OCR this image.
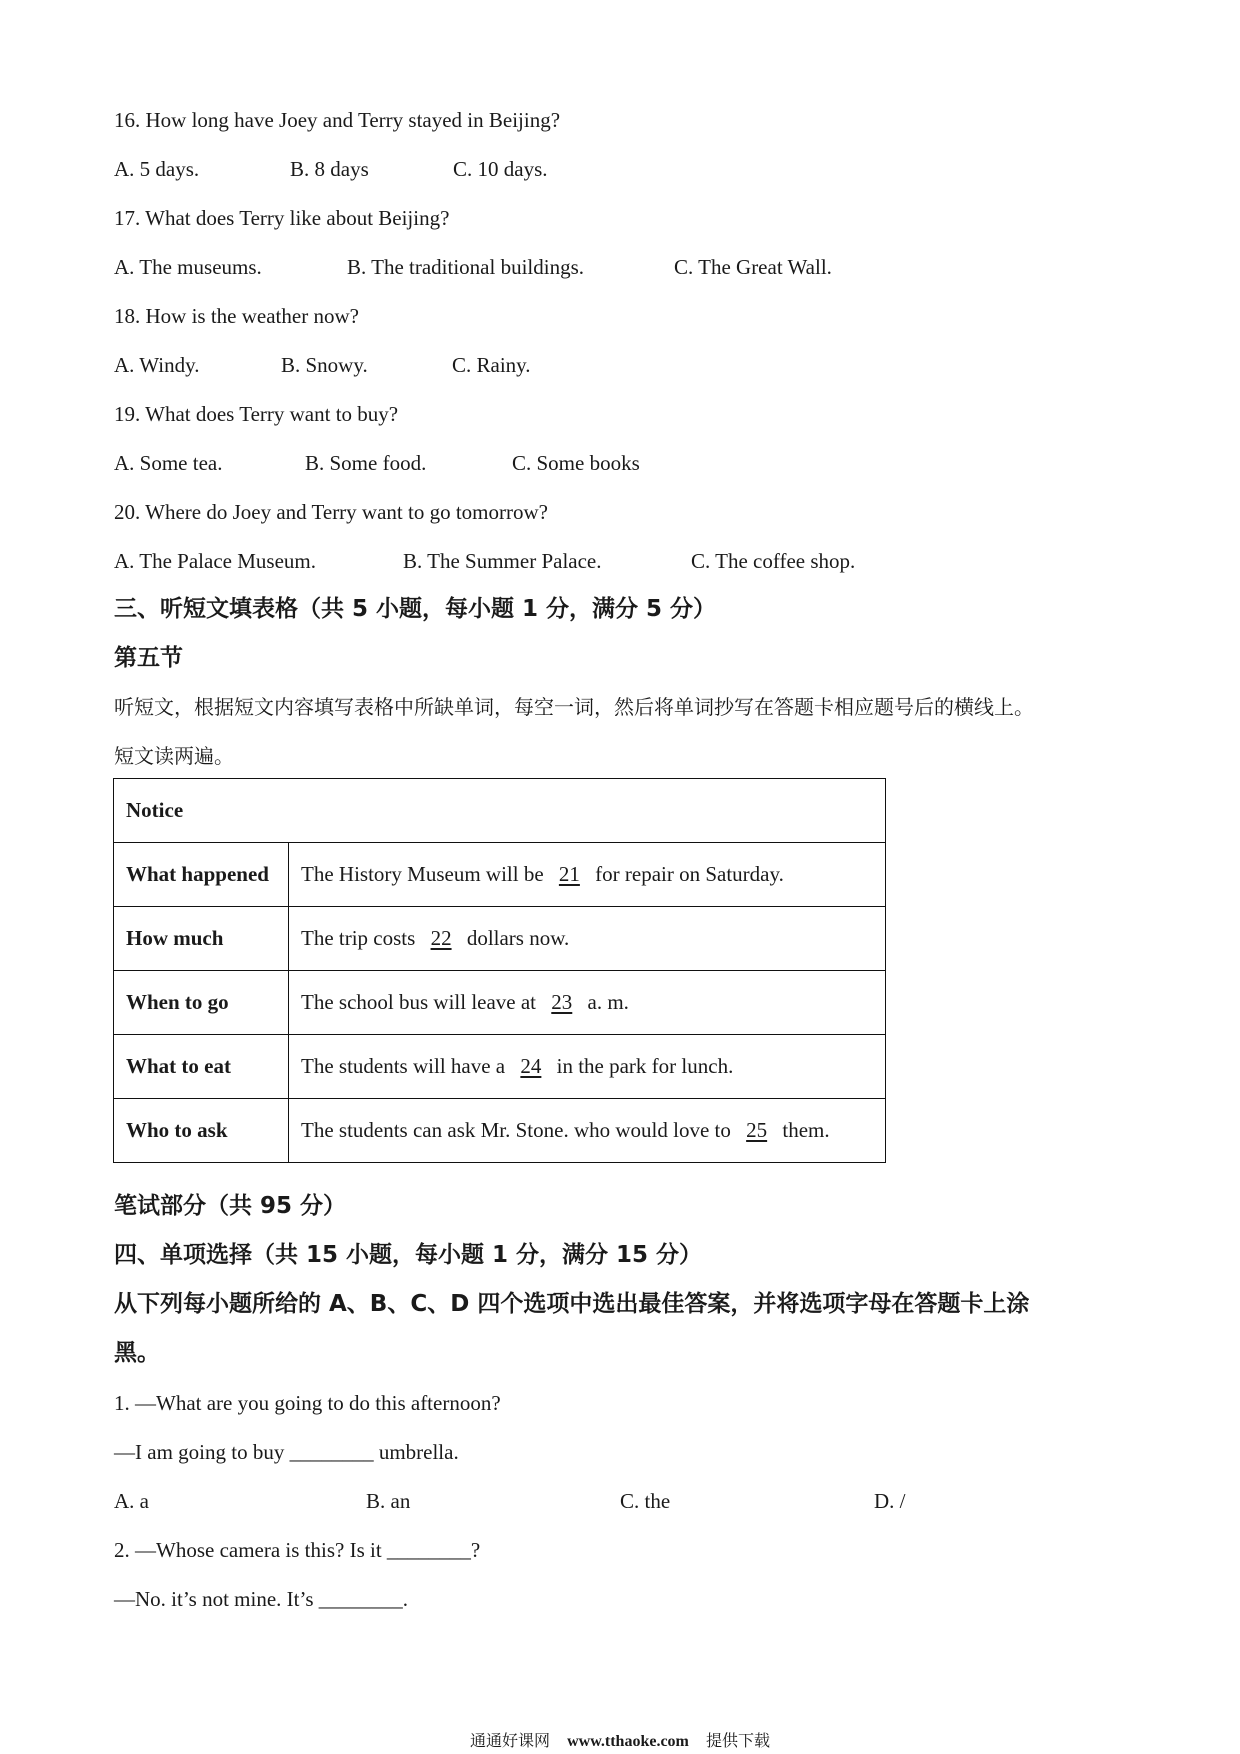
16. How long have Joey and Terry stayed in Beijing?
A. 5 days.	B. 8 days	C. 10 days.
17. What does Terry like about Beijing?
A. The museums.	B. The traditional buildings.	C. The Great Wall.
18. How is the weather now?
A. Windy.	B. Snowy.	C. Rainy.
19. What does Terry want to buy?
A. Some tea.	B. Some food.	C. Some books
20. Where do Joey and Terry want to go tomorrow?
A. The Palace Museum.	B. The Summer Palace.	C. The coffee shop.
三、听短文填表格（共 5 小题，每小题 1 分，满分 5 分）
第五节
听短文，根据短文内容填写表格中所缺单词，每空一词，然后将单词抄写在答题卡相应题号后的横线上。
短文读两遍。
Notice	
What happened	The History Museum will be 21 for repair on Saturday.
How much	The trip costs 22 dollars now.
When to go	The school bus will leave at 23 a. m.
What to eat	The students will have a 24 in the park for lunch.
Who to ask	The students can ask Mr. Stone. who would love to 25 them.
笔试部分（共 95 分）
四、单项选择（共 15 小题，每小题 1 分，满分 15 分）
从下列每小题所给的 A、B、C、D 四个选项中选出最佳答案，并将选项字母在答题卡上涂
黑。
1. —What are you going to do this afternoon?
—I am going to buy ________ umbrella.
A. a	B. an	C. the	D. /
2. —Whose camera is this? Is it ________?
—No. it’s not mine. It’s ________.
通通好课网 www.tthaoke.com 提供下载
